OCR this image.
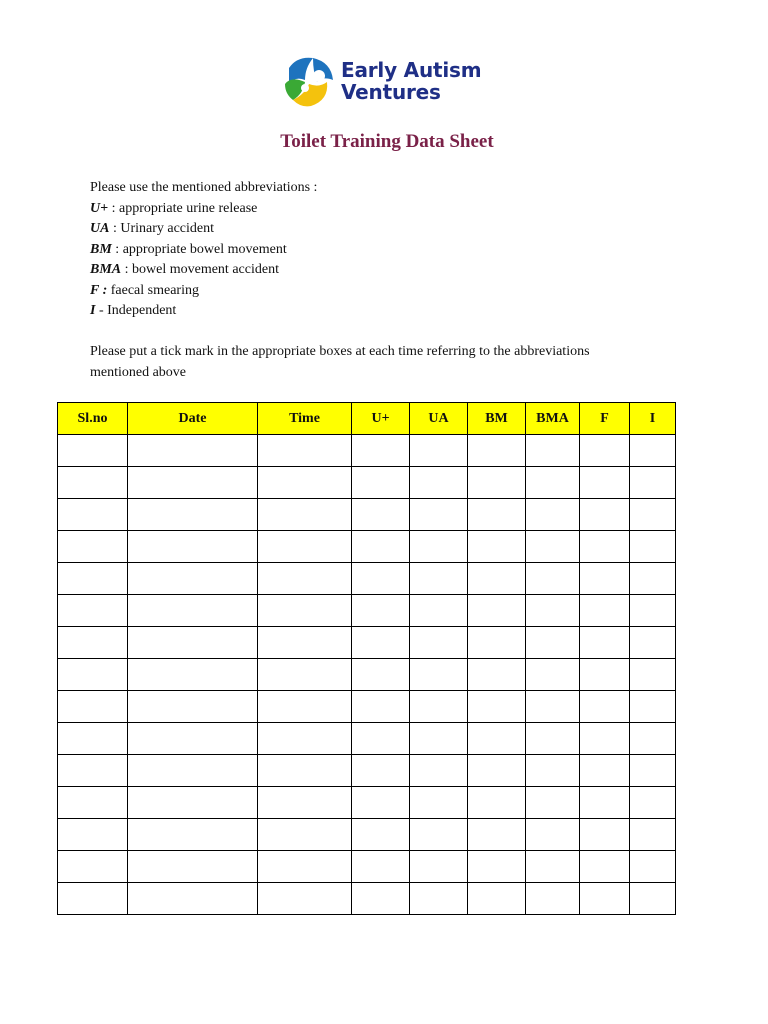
Early Autism
Ventures
Toilet Training Data Sheet

Please use the mentioned abbreviations :

U+ : appropriate urine release

UA : Urinary accident

BM : appropriate bowel movement

BMA : bowel movement accident

F : faecal smearing

I - Independent

Please put a tick mark in the appropriate boxes at each time referring to the abbreviations mentioned above
Sl.no	Date	Time	U+	UA	BM	BMA	F	I
